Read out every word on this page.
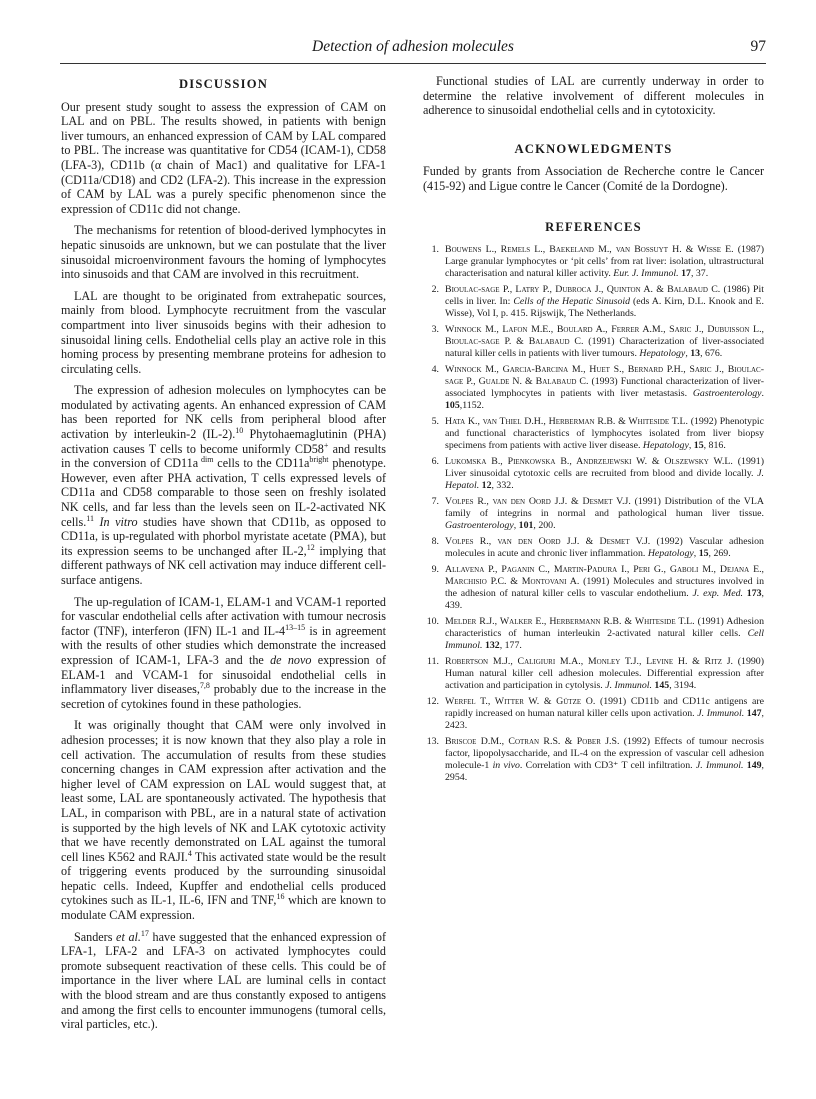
Detection of adhesion molecules	97
DISCUSSION

Our present study sought to assess the expression of CAM on LAL and on PBL. The results showed, in patients with benign liver tumours, an enhanced expression of CAM by LAL compared to PBL. The increase was quantitative for CD54 (ICAM-1), CD58 (LFA-3), CD11b (α chain of Mac1) and qualitative for LFA-1 (CD11a/CD18) and CD2 (LFA-2). This increase in the expression of CAM by LAL was a purely specific phenomenon since the expression of CD11c did not change.

The mechanisms for retention of blood-derived lymphocytes in hepatic sinusoids are unknown, but we can postulate that the liver sinusoidal microenvironment favours the homing of lymphocytes into sinusoids and that CAM are involved in this recruitment.

LAL are thought to be originated from extrahepatic sources, mainly from blood. Lymphocyte recruitment from the vascular compartment into liver sinusoids begins with their adhesion to sinusoidal lining cells. Endothelial cells play an active role in this homing process by presenting membrane proteins for adhesion to circulating cells.

The expression of adhesion molecules on lymphocytes can be modulated by activating agents. An enhanced expression of CAM has been reported for NK cells from peripheral blood after activation by interleukin-2 (IL-2).$^{10}$ Phytohaemaglutinin (PHA) activation causes T cells to become uniformly CD58+ and results in the conversion of CD11a $^{dim}$ cells to the $CD11a^{bright}$ phenotype. However, even after PHA activation, T cells expressed levels of CD11a and CD58 comparable to those seen on freshly isolated NK cells, and far less than the levels seen on IL-2-activated NK cells.$^{11}$ In vitro studies have shown that CD11b, as opposed to CD11a, is up-regulated with phorbol myristate acetate (PMA), but its expression seems to be unchanged after IL-2,12 implying that different pathways of NK cell activation may induce different cell-surface antigens.

The up-regulation of ICAM-1, ELAM-1 and VCAM-1 reported for vascular endothelial cells after activation with tumour necrosis factor (TNF), interferon (IFN) IL-1 and IL-4$^{13-15}$ is in agreement with the results of other studies which demonstrate the increased expression of ICAM-1, LFA-3 and the de novo expression of ELAM-1 and VCAM-1 for sinusoidal endothelial cells in inflammatory liver diseases,$^{7,8}$ probably due to the increase in the secretion of cytokines found in these pathologies.

It was originally thought that CAM were only involved in adhesion processes; it is now known that they also play a role in cell activation. The accumulation of results from these studies concerning changes in CAM expression after activation and the higher level of CAM expression on LAL would suggest that, at least some, LAL are spontaneously activated. The hypothesis that LAL, in comparison with PBL, are in a natural state of activation is supported by the high levels of NK and LAK cytotoxic activity that we have recently demonstrated on LAL against the tumoral cell lines K562 and RAJI.$^4$ This activated state would be the result of triggering events produced by the surrounding sinusoidal hepatic cells. Indeed, Kupffer and endothelial cells produced cytokines such as IL-1, IL-6, IFN and TNF,$^{16}$ which are known to modulate CAM expression.

Sanders et al.$^{17}$ have suggested that the enhanced expression of LFA-1, LFA-2 and LFA-3 on activated lymphocytes could promote subsequent reactivation of these cells. This could be of importance in the liver where LAL are luminal cells in contact with the blood stream and are thus constantly exposed to antigens and among the first cells to encounter immunogens (tumoral cells, viral particles, etc.).

Functional studies of LAL are currently underway in order to determine the relative involvement of different molecules in adherence to sinusoidal endothelial cells and in cytotoxicity.

ACKNOWLEDGMENTS

Funded by grants from Association de Recherche contre le Cancer (415-92) and Ligue contre le Cancer (Comité de la Dordogne).

REFERENCES
1. Bouwens L., Remels L., Baekeland M., van Bossuyt H. & Wisse E. (1987) Large granular lymphocytes or ‘pit cells’ from rat liver: isolation, ultrastructural characterisation and natural killer activity. Eur. J. Immunol. 17, 37.
2. Bioulac-sage P., Latry P., Dubroca J., Quinton A. & Balabaud C. (1986) Pit cells in liver. In: Cells of the Hepatic Sinusoid (eds A. Kirn, D.L. Knook and E. Wisse), Vol I, p. 415. Rijswijk, The Netherlands.
3. Winnock M., Lafon M.E., Boulard A., Ferrer A.M., Saric J., Dubuisson L., Bioulac-sage P. & Balabaud C. (1991) Characterization of liver-associated natural killer cells in patients with liver tumours. Hepatology, 13, 676.
4. Winnock M., Garcia-Barcina M., Huet S., Bernard P.H., Saric J., Bioulac-sage P., Gualde N. & Balabaud C. (1993) Functional characterization of liver-associated lymphocytes in patients with liver metastasis. Gastroenterology. 105,1152.
5. Hata K., van Thiel D.H., Herberman R.B. & Whiteside T.L. (1992) Phenotypic and functional characteristics of lymphocytes isolated from liver biopsy specimens from patients with active liver disease. Hepatology, 15, 816.
6. Lukomska B., Pienkowska B., Andrzejewski W. & Olszewsky W.L. (1991) Liver sinusoidal cytotoxic cells are recruited from blood and divide locally. J. Hepatol. 12, 332.
7. Volpes R., van den Oord J.J. & Desmet V.J. (1991) Distribution of the VLA family of integrins in normal and pathological human liver tissue. Gastroenterology, 101, 200.
8. Volpes R., van den Oord J.J. & Desmet V.J. (1992) Vascular adhesion molecules in acute and chronic liver inflammation. Hepatology, 15, 269.
9. Allavena P., Paganin C., Martin-Padura I., Peri G., Gaboli M., Dejana E., Marchisio P.C. & Montovani A. (1991) Molecules and structures involved in the adhesion of natural killer cells to vascular endothelium. J. exp. Med. 173, 439.
10. Melder R.J., Walker E., Herbermann R.B. & Whiteside T.L. (1991) Adhesion characteristics of human interleukin 2-activated natural killer cells. Cell Immunol. 132, 177.
11. Robertson M.J., Caligiuri M.A., Monley T.J., Levine H. & Ritz J. (1990) Human natural killer cell adhesion molecules. Differential expression after activation and participation in cytolysis. J. Immunol. 145, 3194.
12. Werfel T., Witter W. & Gütze O. (1991) CD11b and CD11c antigens are rapidly increased on human natural killer cells upon activation. J. Immunol. 147, 2423.
13. Briscoe D.M., Cotran R.S. & Pober J.S. (1992) Effects of tumour necrosis factor, lipopolysaccharide, and IL-4 on the expression of vascular cell adhesion molecule-1 in vivo. Correlation with CD3⁺ T cell infiltration. J. Immunol. 149, 2954.
